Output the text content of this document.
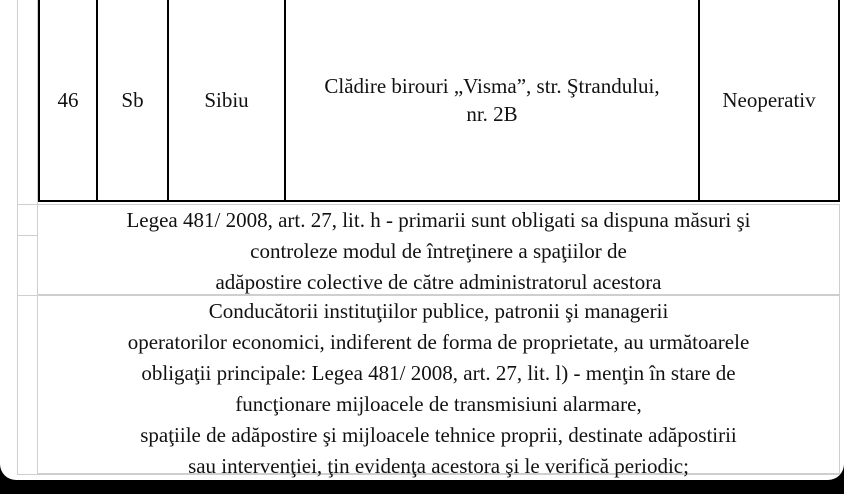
46 Sb	Sibiu
Clădire birouri „Visma”, str. Ştrandului,
nr. 2B
Neoperativ
Legea 481/ 2008, art. 27, lit. h - primarii sunt obligati sa dispuna măsuri şi
controleze modul de întreţinere a spaţiilor de
adăpostire colective de către administratorul acestora
Conducătorii instituţiilor publice, patronii şi managerii
operatorilor economici, indiferent de forma de proprietate, au următoarele
obligaţii principale: Legea 481/ 2008, art. 27, lit. l) - menţin în stare de
funcţionare mijloacele de transmisiuni alarmare,
spaţiile de adăpostire şi mijloacele tehnice proprii, destinate adăpostirii
sau intervenţiei, ţin evidenţa acestora şi le verifică periodic;
